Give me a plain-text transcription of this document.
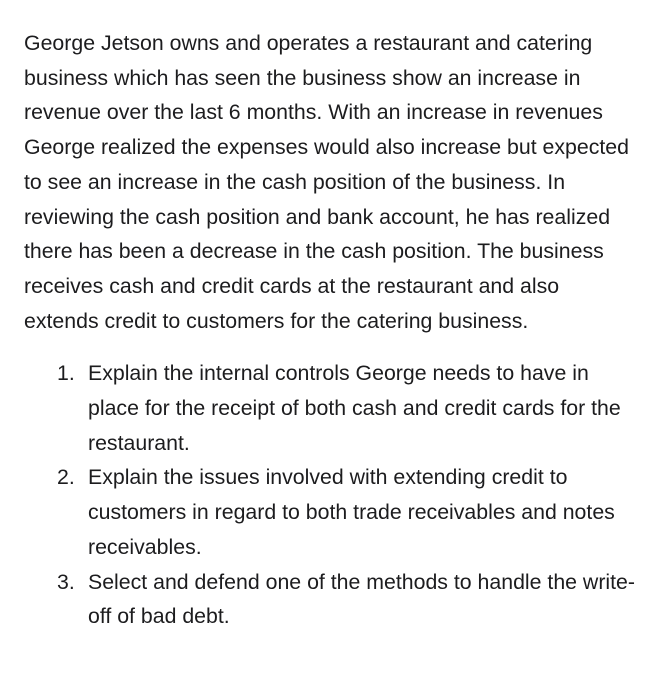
George Jetson owns and operates a restaurant and catering business which has seen the business show an increase in revenue over the last 6 months. With an increase in revenues George realized the expenses would also increase but expected to see an increase in the cash position of the business. In reviewing the cash position and bank account, he has realized there has been a decrease in the cash position. The business receives cash and credit cards at the restaurant and also extends credit to customers for the catering business.

1. Explain the internal controls George needs to have in place for the receipt of both cash and credit cards for the restaurant.
2. Explain the issues involved with extending credit to customers in regard to both trade receivables and notes receivables.
3. Select and defend one of the methods to handle the write-off of bad debt.
